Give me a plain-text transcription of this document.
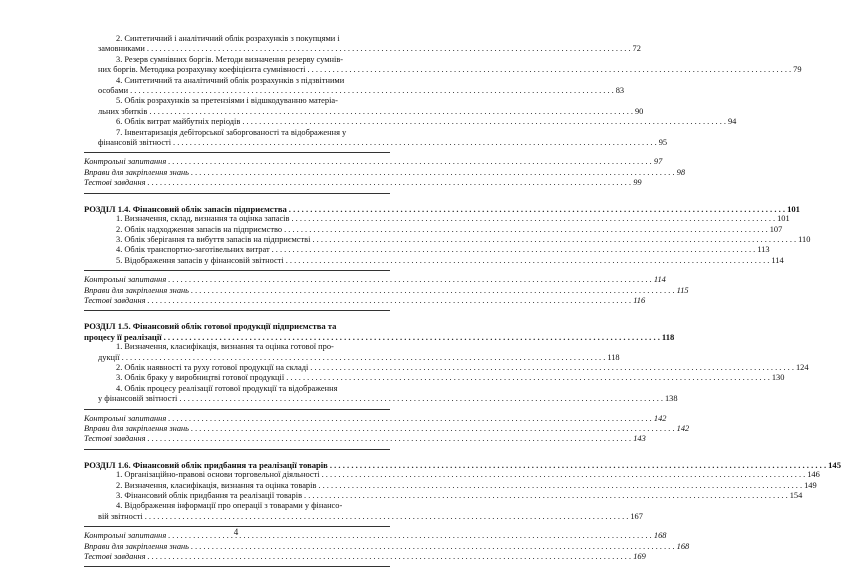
2. Синтетичний і аналітичний облік розрахунків з покупцями і
замовниками . . .	72
3. Резерв сумнівних боргів. Методи визначення резерву сумнів-
них боргів. Методика розрахунку коефіцієнта сумнівності . . .	79
4. Синтетичний та аналітичний облік розрахунків з підзвітними
особами . . .	83
5. Облік розрахунків за претензіями і відшкодуванню матеріа-
льних збитків . . .	90
6. Облік витрат майбутніх періодів . . .	94
7. Інвентаризація дебіторської заборгованості та відображення у
фінансовій звітності . . .	95
Контрольні запитання . . .	97
Вправи для закріплення знань . . .	98
Тестові завдання . . .	99
РОЗДІЛ 1.4. Фінансовий облік запасів підприємства . . .	101
1. Визначення, склад, визнання та оцінка запасів . . .	101
2. Облік надходження запасів на підприємство . . .	107
3. Облік зберігання та вибуття запасів на підприємстві . . .	110
4. Облік транспортно-заготівельних витрат . . .	113
5. Відображення запасів у фінансовій звітності . . .	114
Контрольні запитання . . .	114
Вправи для закріплення знань . . .	115
Тестові завдання . . .	116
РОЗДІЛ 1.5. Фінансовий облік готової продукції підприємства та
процесу її реалізації . . .	118
1. Визначення, класифікація, визнання та оцінка готової про-
дукції . . .	118
2. Облік наявності та руху готової продукції на складі . . .	124
3. Облік браку у виробництві готової продукції . . .	130
4. Облік процесу реалізації готової продукції та відображення
у фінансовій звітності . . .	138
Контрольні запитання . . .	142
Вправи для закріплення знань . . .	142
Тестові завдання . . .	143
РОЗДІЛ 1.6. Фінансовий облік придбання та реалізації товарів . . .	145
1. Організаційно-правові основи торговельної діяльності . . .	146
2. Визначення, класифікація, визнання та оцінка товарів . . .	149
3. Фінансовий облік придбання та реалізації товарів . . .	154
4. Відображення інформації про операції з товарами у фінансо-
вій звітності . . .	167
Контрольні запитання . . .	168
Вправи для закріплення знань . . .	168
Тестові завдання . . .	169
4
